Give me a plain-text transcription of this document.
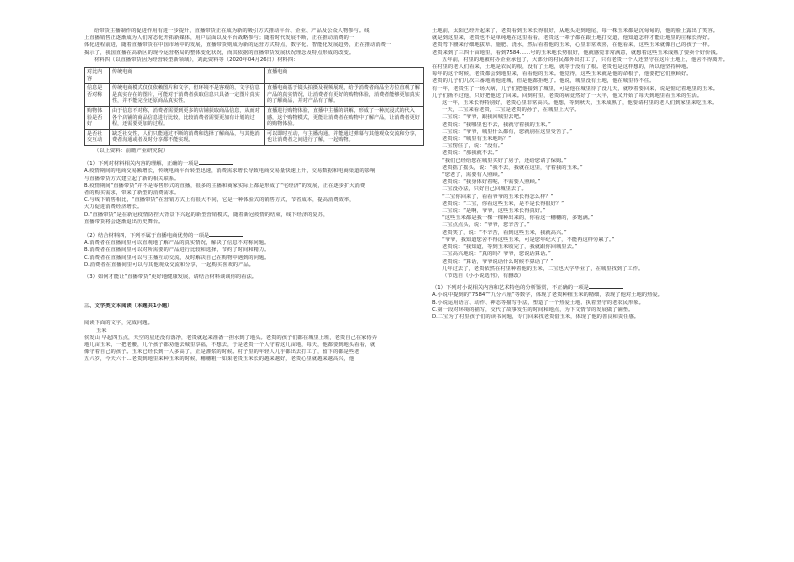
给带货主播制作的促进作用有进一步提升，直播带货正在成为新的吸引方式推动平台、企业、产品及公众人物参与。线

上直播销售正逐渐成为人们常态化开拓新媒体，用户层面以及平台战略参与；随着时代发展不断，正在推动消费的一

体化进程前进，随着直播带货在中国市场中的发展，直播带货则成为新的运营方式特点，数字化、智能化发展趋势，正在推动消费一

揭示了，我国直播在高新区的现今运营格局的整体变化状况，而其依据的直播带货发展状况理念及特点形成的改变。

材料四（以直播带货因为经营转型新领域），刘此资料等（2020年04月26日）材料四：

对比内容	传统电商	直播电商
信息是否对称	传统电商模式仅仅依赖图片和文字，但环境不是客观的，文字信息是真实存在的图片，可能对于消费者获取信息只具备一定图片真实性，并不能完全还原商品真实性。	直播电商基于镜头拍摄及视频展现，给予消费者商品全方位直观了解产品的真实情况，让消费者有更好的购物体验，消费者能够更加真实的了解商品，并对产品有了解。
购物体验是否好	由于信息不对称，消费者需要到更多的店铺获取商品信息，从而对各个店铺的商品信息进行比较，比较消费者需要更加有计划的过程，还需要更加的过程。	直播进行购物体验，直播中主播的讲解，形成了一种沉浸式的代入感，这个购物模式，更能让消费者在购物中了解产品，让消费者更好的购物体验。
是否社交互动	缺乏社交性，人们只能通过不断的消费和选择了解商品，与其他消费者沟通或者及时分享都不能实现。	可以即时互动，与主播沟通，并能通过弹幕与其他观众交流和分享，也让消费者之间进行了解，一起购物。

（以上资料：前瞻产业研究院）

（1）下列对材料相关内容的理解，正确的一项是

A.疫情期间的电商交易额增长，传统电商平台转型迅速，消费需求增长导致电商交易量快速上升，交易数据和电商渠道的影响

与直播带货方式建立起了新的相关联系。

B.疫情期间“直播带货”并不是零售形式的直播，很多的主播和商家实际上都是形成了“宅经济”的发展，正在逐步扩大消费

者的购买需求，带来了新型的消费需求。

C.与线下销售相比，“直播带货”在营销方式上有很大不同，它是一种体验式的销售方式，节省成本，提高消费效率，

大力促进消费经济增长。

D.“直播带货”是在新冠疫情防控大背景下兴起的新型营销模式，随着新冠疫情的结束，线下经济的复苏，

直播带货将会逐渐退出历史舞台。

（2）结合材料四，下列不属于直播电商优势的一项是

A.消费者在直播间里可以直观地了解产品的真实情况，解决了信息不对称问题。

B.消费者在直播间里可以对所需要的产品进行比较和选择，节约了时间和精力。

C.消费者在直播间里可以与主播互动交流，及时解决自己在购物中遇到的问题。

D.消费者在直播间里可以与其他观众交流和分享，一起购买喜欢的产品。

（3）如何才能让“直播带货”更好地健康发展，请结合材料谈谈你的看法。

三、文学类文本阅读（本题共1小题）

阅读下面的文字，完成问题。

玉米

侯发山 早起四五点，天空的星还没有落净，老贵就起来准备一担水到了地头。老贵的孩子们都在城里上班，老贵自己在家侍弄

地几亩玉米，一把老腰，几个孩子都劝他去城里享福，不想去，于是老贵一个人守着这几亩地，每天，他都要到地头看看，就

像守着自己的孩子。玉米已经长到一人多高了，正是灌浆的时候。村子里的年轻人几乎都出去打工了，留下的都是些老

五六岁，今天六十…老贵到地里来种玉米的时候，穗穗粗一如果老贵玉米长的越来越好，老贵心里就越来越高兴，他

土地前，太阳已经升起来了，老贵看到玉米长得很好，从地头走到地尾，每一株玉米都是沉甸甸的，他的脸上露出了笑容。

就是到这里来，老贵也不是单纯地在这里看看，老贵这一辈子都在跟土地打交道，他知道怎样才能让地里的庄稼长得好。

老贵弯下腰来仔细地拔草、施肥、浇水，然后看着他的玉米，心里非常欢喜，在他看来，这些玉米就像自己的孩子一样。

老贵来到了三四十亩地里，看到7584……号的玉米地长势很好，他就感觉非常满意，就想着这些玉米成熟了要卖个好价钱。

五年前，村里的地被村办企业承包了，大部分的村民都外出打工了，只有老贵一个人还坚守在这片土地上，他舍不得离开。

在村里的老人们看来，土地是农民的根，没有了土地，就等于没有了根。老贵也是这样想的，所以他坚持种地。

每年的这个时候，老贵都会到地里来，看看他的玉米。他觉得，这些玉米就是他的命根子，他要把它们照顾好。

老贵的儿子们几次三番地劝他进城，但是他都拒绝了。他说，城里没有土地，他在城里待不住。

有一年，老贵生了一场大病，儿子们把他接到了城里，可是他在城里待了没几天，就吵着要回来，说是惦记着地里的玉米。

儿子们拗不过他，只好把他送了回来。回到村里，老贵的病竟然好了一大半，他又开始了每天到地里看玉米的生活。

这一年，玉米长得特别好，老贵心里非常高兴。他想，等到秋天，玉米成熟了，他要请村里的老人们到家里来吃玉米。

一天，二宝来看老贵，二宝是老贵的孙子，在城里上大学。

二宝说：“爷爷，跟我回城里去吧。”

老贵说：“我哪里也不去，我就守着我的玉米。”

二宝说：“爷爷，城里什么都有，您就别在这里受苦了。”

老贵说：“城里有玉米地吗？”

二宝愣住了，说：“没有。”

老贵说：“那我就不去。”

“我们已经给您在城里买好了房子，还给您请了保姆。”

老贵摇了摇头，说：“我不去，我就在这里，守着我的玉米。”

“您老了，需要有人照顾。”

老贵说：“我身体好着呢，不需要人照顾。”

二宝没办法，只好自己回城里去了。

“二宝你回来了，看看爷爷的玉米长得怎么样？”

老贵说：“二宝，你看这些玉米，是不是长得很好？”

二宝说：“是啊，爷爷，这些玉米长得真好。”

“这些玉米都是我一棵一棵种出来的，你看这一穗穗的，多饱满。”

二宝点点头，说：“爷爷，您辛苦了。”

老贵笑了，说：“不辛苦，看到这些玉米，我就高兴。”

“爷爷，我知道您舍不得这些玉米，可是您年纪大了，不能再这样劳累了。”

老贵说：“我知道，等到玉米收完了，我就跟你回城里去。”

二宝高兴地说：“真的吗？爷爷，您说话算话。”

老贵说：“算话，爷爷说话什么时候不算话了？”

几年过去了，老贵依然在村里种着他的玉米，二宝也大学毕业了，在城里找到了工作。

（节选自《小小说选刊》，有删改）

（1）下列对小说相关内容和艺术特色的分析鉴赏，不正确的一项是

A.小说中提到的“7584”“九分六厘”等数字，体现了老贵种植玉米的精细，表现了他对土地的热爱。

B.小说运用语言、动作、神态等描写手法，塑造了一个热爱土地、执着坚守的老农民形象。

C.第一段对环境的描写，交代了故事发生的时间和地点，为下文情节的发展做了铺垫。

D.二宝为了村里孩子们的读书问题，专门回来找老贵借玉米，体现了他的善良和责任感。
